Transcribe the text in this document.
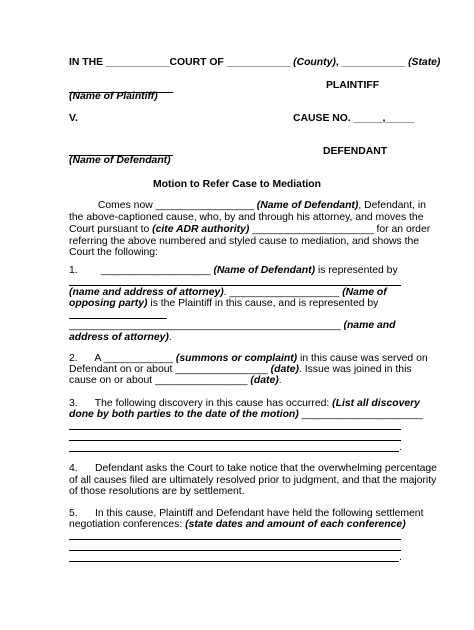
IN THE ___________COURT OF ___________ (County), ___________ (State)
PLAINTIFF
(Name of Plaintiff)
V.	CAUSE NO. _____,_____
DEFENDANT
(Name of Defendant)
Motion to Refer Case to Mediation
Comes now _________________ (Name of Defendant), Defendant, in
the above-captioned cause, who, by and through his attorney, and moves the
Court pursuant to (cite ADR authority) _____________________ for an order
referring the above numbered and styled cause to mediation, and shows the
Court the following:
1.        ___________________ (Name of Defendant) is represented by
(name and address of attorney). ___________________ (Name of
opposing party) is the Plaintiff in this cause, and is represented by
_______________________________________________ (name and
address of attorney).
2.      A ____________ (summons or complaint) in this cause was served on
Defendant on or about ________________ (date). Issue was joined in this
cause on or about ________________ (date).
3.      The following discovery in this cause has occurred: (List all discovery
done by both parties to the date of the motion) _____________________
.
4.      Defendant asks the Court to take notice that the overwhelming percentage
of all causes filed are ultimately resolved prior to judgment, and that the majority
of those resolutions are by settlement.
5.      In this cause, Plaintiff and Defendant have held the following settlement
negotiation conferences: (state dates and amount of each conference)
.
